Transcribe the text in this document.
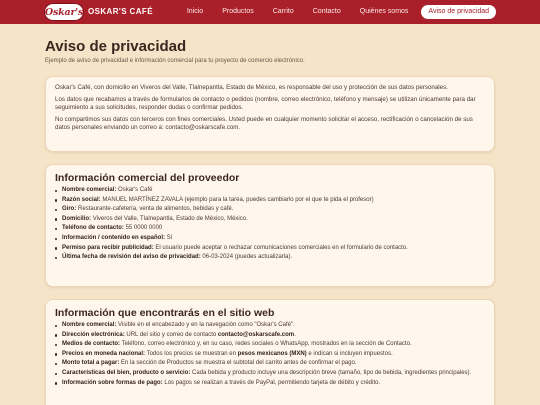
Oskar's OSKAR'S CAFÉ	Inicio	Productos	Carrito	Contacto	Quiénes somos	Aviso de privacidad
Aviso de privacidad
Ejemplo de aviso de privacidad e información comercial para tu proyecto de comercio electrónico.

Oskar's Café, con domicilio en Viveros del Valle, Tlalnepantla, Estado de México, es responsable del uso y protección de sus datos personales.

Los datos que recabamos a través de formularios de contacto o pedidos (nombre, correo electrónico, teléfono y mensaje) se utilizan únicamente para dar seguimiento a sus solicitudes, responder dudas o confirmar pedidos.

No compartimos sus datos con terceros con fines comerciales. Usted puede en cualquier momento solicitar el acceso, rectificación o cancelación de sus datos personales enviando un correo a: contacto@oskarscafe.com.

Información comercial del proveedor
Nombre comercial: Oskar's Café
Razón social: MANUEL MARTÍNEZ ZAVALA (ejemplo para la tarea, puedes cambiarlo por el que te pida el profesor)
Giro: Restaurante-cafetería, venta de alimentos, bebidas y café.
Domicilio: Viveros del Valle, Tlalnepantla, Estado de México, México.
Teléfono de contacto: 55 0000 0000
Información / contenido en español: Sí
Permiso para recibir publicidad: El usuario puede aceptar o rechazar comunicaciones comerciales en el formulario de contacto.
Última fecha de revisión del aviso de privacidad: 06-03-2024 (puedes actualizarla).
Información que encontrarás en el sitio web
Nombre comercial: Visible en el encabezado y en la navegación como "Oskar's Café".
Dirección electrónica: URL del sitio y correo de contacto contacto@oskarscafe.com.
Medios de contacto: Teléfono, correo electrónico y, en su caso, redes sociales o WhatsApp, mostrados en la sección de Contacto.
Precios en moneda nacional: Todos los precios se muestran en pesos mexicanos (MXN) e indican si incluyen impuestos.
Monto total a pagar: En la sección de Productos se muestra el subtotal del carrito antes de confirmar el pago.
Características del bien, producto o servicio: Cada bebida y producto incluye una descripción breve (tamaño, tipo de bebida, ingredientes principales).
Información sobre formas de pago: Los pagos se realizan a través de PayPal, permitiendo tarjeta de débito y crédito.
